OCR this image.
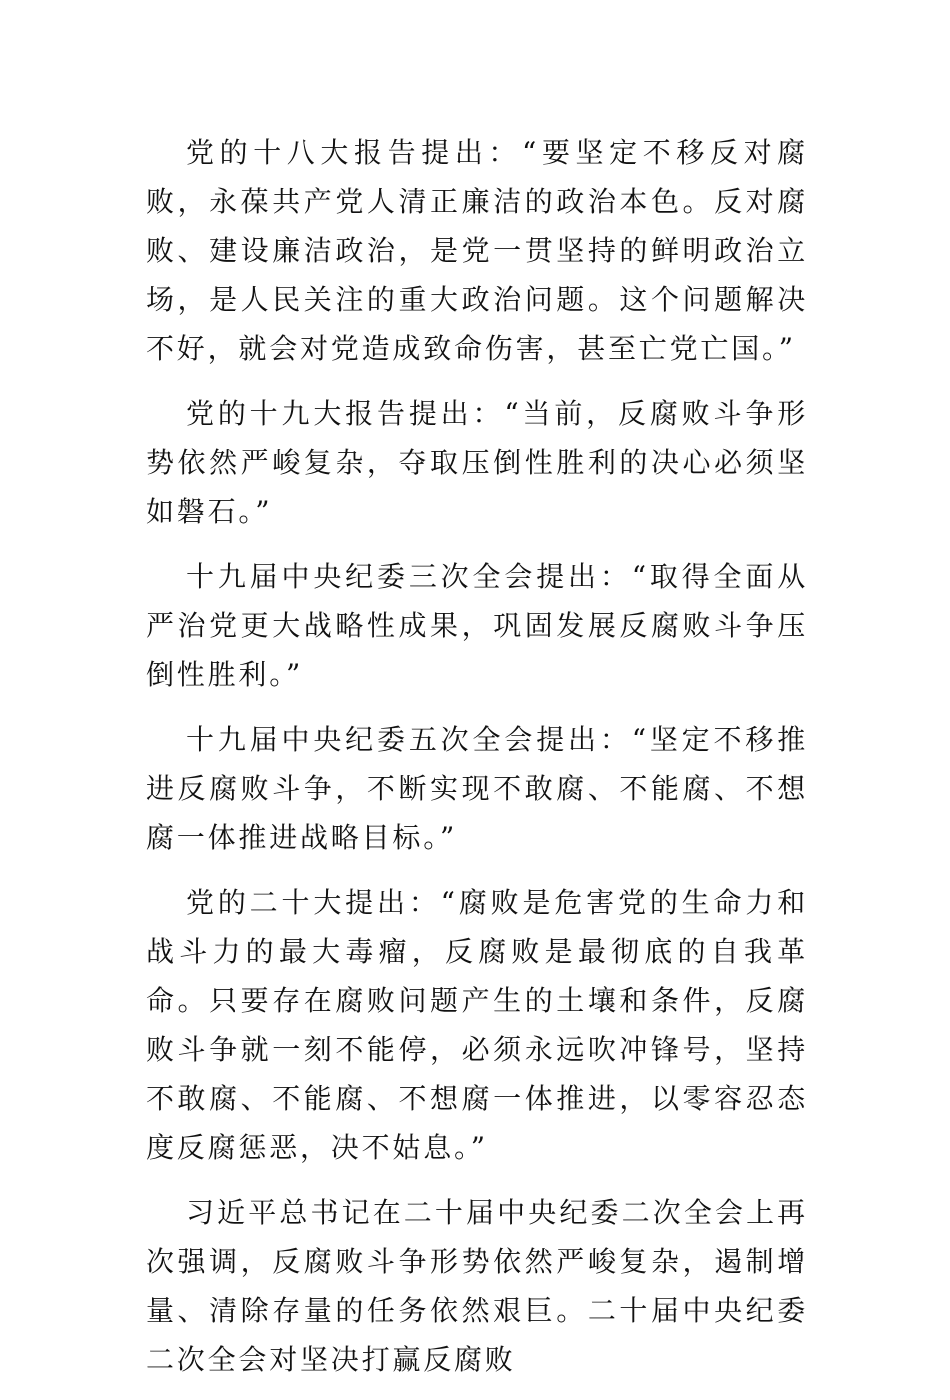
党的十八大报告提出：“要坚定不移反对腐败，永葆共产党人清正廉洁的政治本色。反对腐败、建设廉洁政治，是党一贯坚持的鲜明政治立场，是人民关注的重大政治问题。这个问题解决不好，就会对党造成致命伤害，甚至亡党亡国。”

党的十九大报告提出：“当前，反腐败斗争形势依然严峻复杂，夺取压倒性胜利的决心必须坚如磐石。”

十九届中央纪委三次全会提出：“取得全面从严治党更大战略性成果，巩固发展反腐败斗争压倒性胜利。”

十九届中央纪委五次全会提出：“坚定不移推进反腐败斗争，不断实现不敢腐、不能腐、不想腐一体推进战略目标。”

党的二十大提出：“腐败是危害党的生命力和战斗力的最大毒瘤，反腐败是最彻底的自我革命。只要存在腐败问题产生的土壤和条件，反腐败斗争就一刻不能停，必须永远吹冲锋号，坚持不敢腐、不能腐、不想腐一体推进，以零容忍态度反腐惩恶，决不姑息。”

习近平总书记在二十届中央纪委二次全会上再次强调，反腐败斗争形势依然严峻复杂，遏制增量、清除存量的任务依然艰巨。二十届中央纪委二次全会对坚决打赢反腐败
